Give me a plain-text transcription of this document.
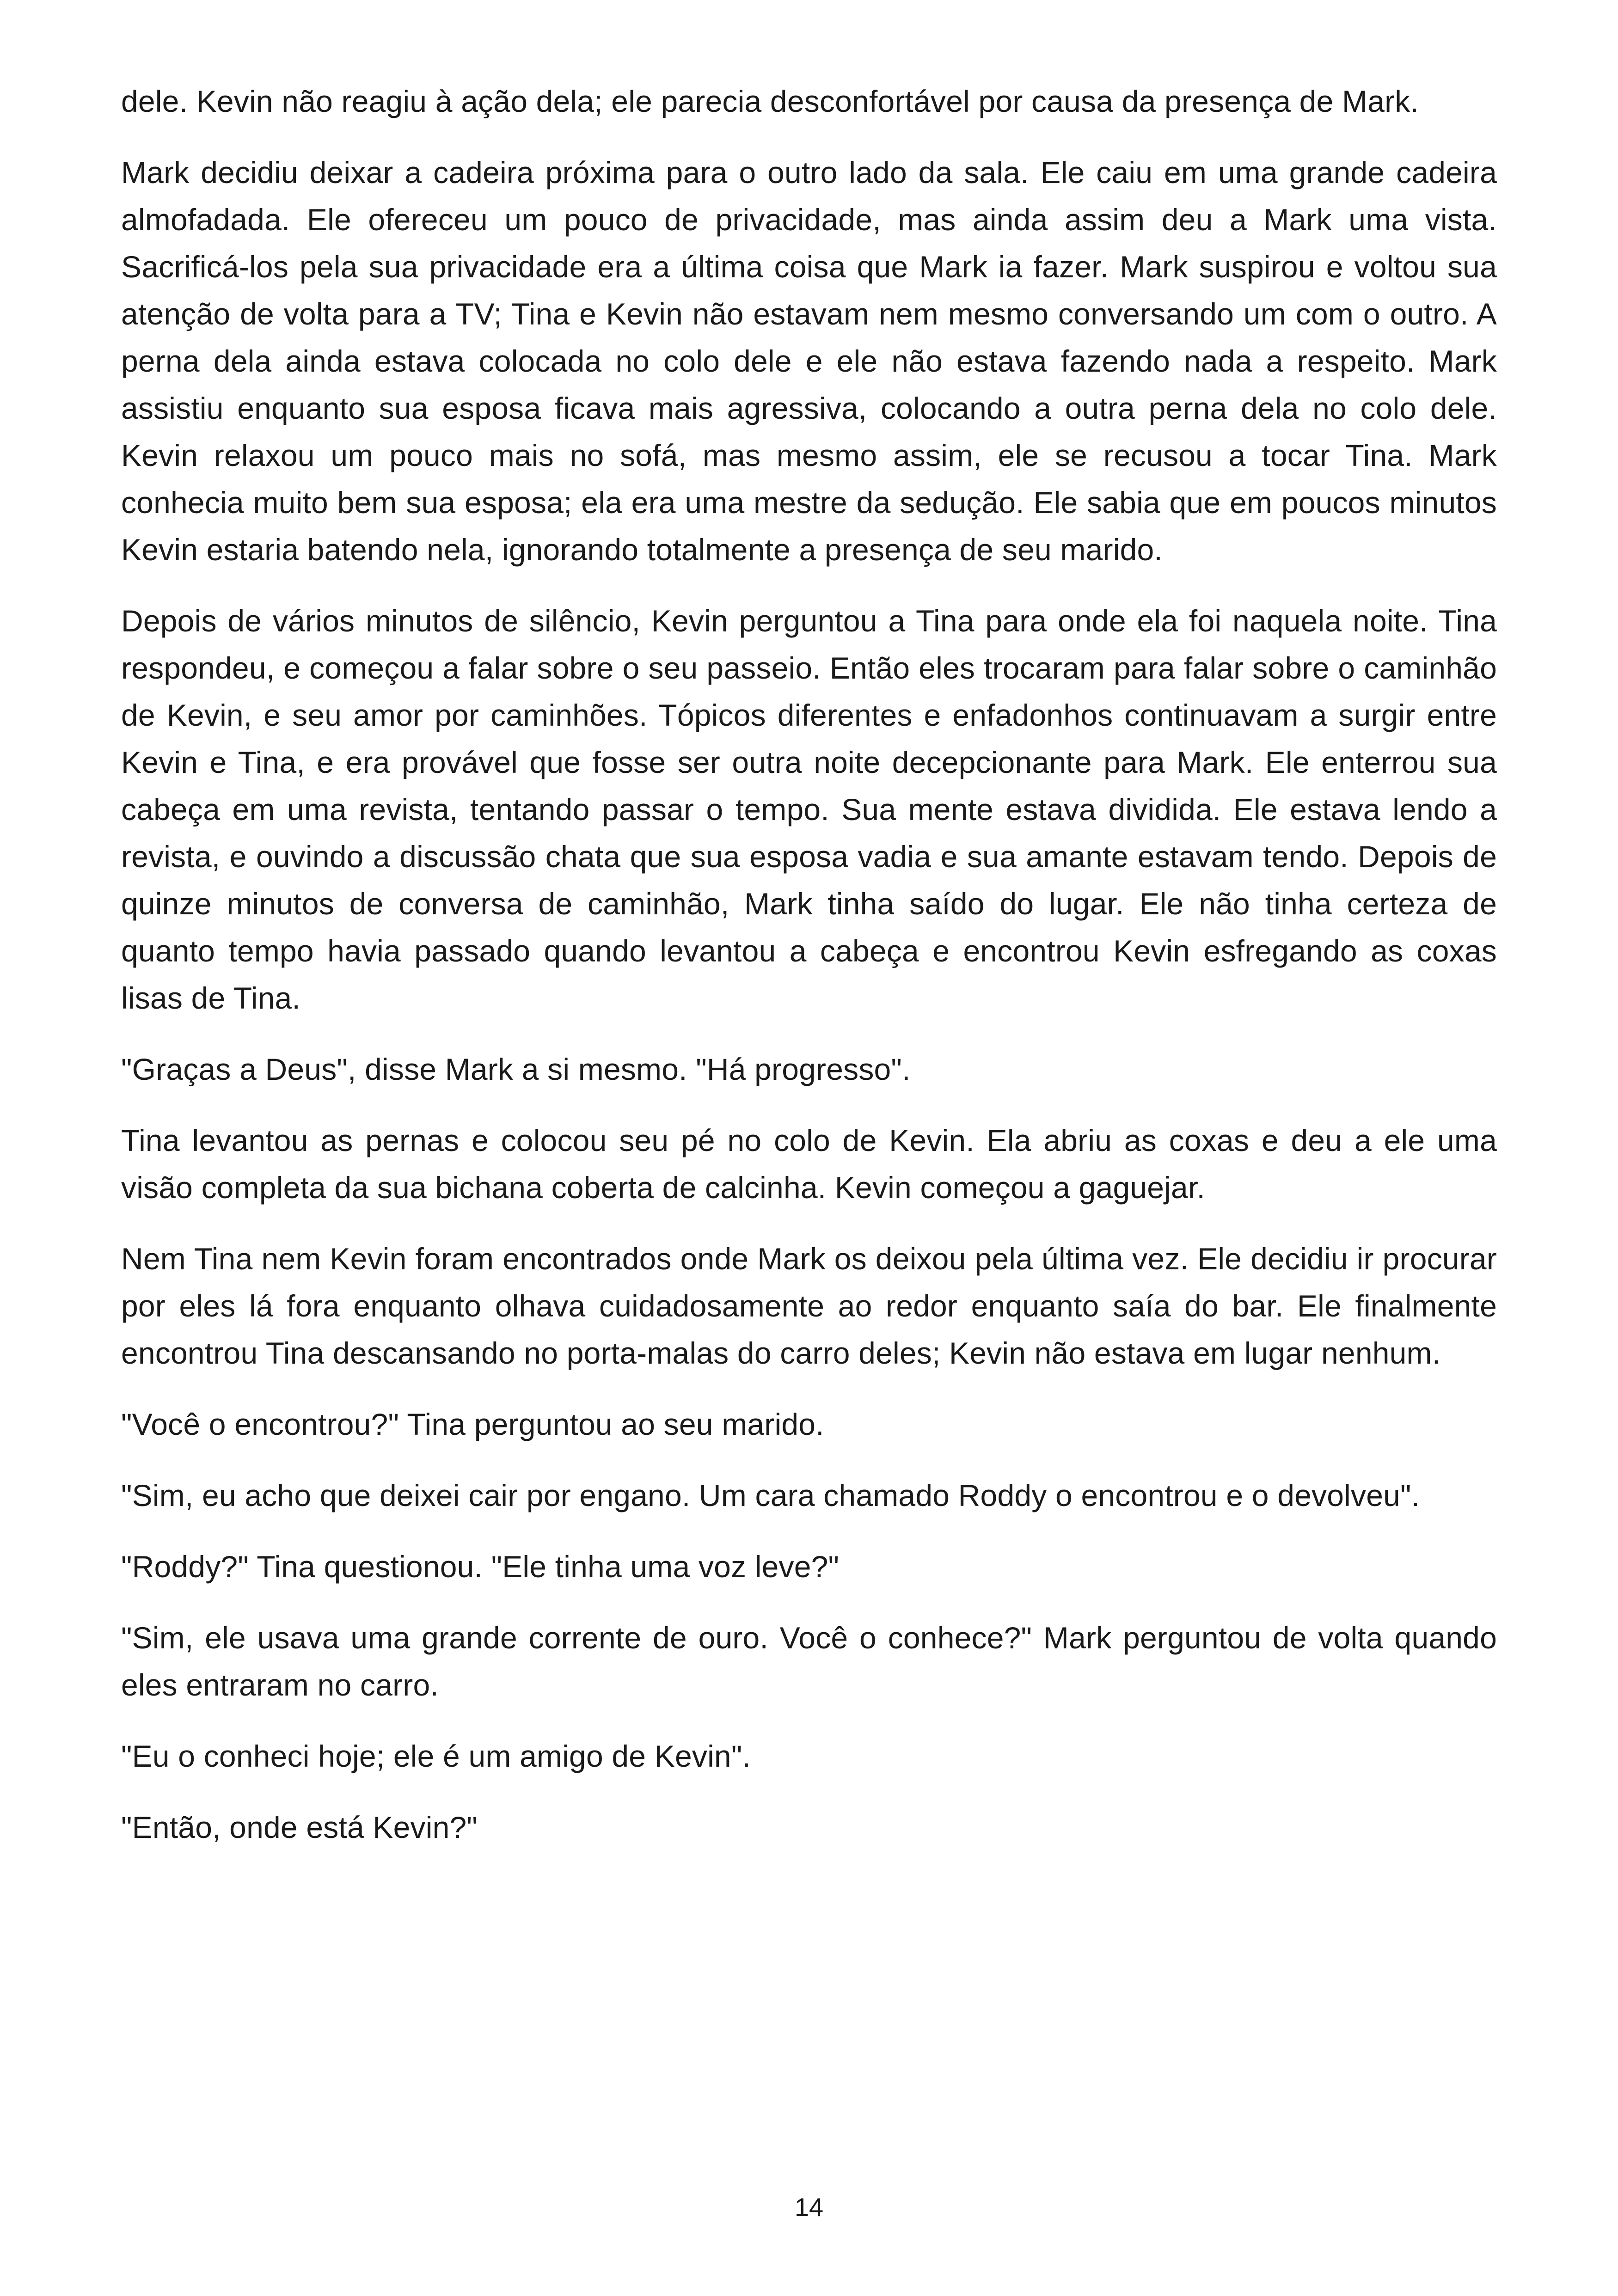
dele. Kevin não reagiu à ação dela; ele parecia desconfortável por causa da presença de Mark.

Mark decidiu deixar a cadeira próxima para o outro lado da sala. Ele caiu em uma grande cadeira almofadada. Ele ofereceu um pouco de privacidade, mas ainda assim deu a Mark uma vista. Sacrificá-los pela sua privacidade era a última coisa que Mark ia fazer. Mark suspirou e voltou sua atenção de volta para a TV; Tina e Kevin não estavam nem mesmo conversando um com o outro. A perna dela ainda estava colocada no colo dele e ele não estava fazendo nada a respeito. Mark assistiu enquanto sua esposa ficava mais agressiva, colocando a outra perna dela no colo dele. Kevin relaxou um pouco mais no sofá, mas mesmo assim, ele se recusou a tocar Tina. Mark conhecia muito bem sua esposa; ela era uma mestre da sedução. Ele sabia que em poucos minutos Kevin estaria batendo nela, ignorando totalmente a presença de seu marido.

Depois de vários minutos de silêncio, Kevin perguntou a Tina para onde ela foi naquela noite. Tina respondeu, e começou a falar sobre o seu passeio. Então eles trocaram para falar sobre o caminhão de Kevin, e seu amor por caminhões. Tópicos diferentes e enfadonhos continuavam a surgir entre Kevin e Tina, e era provável que fosse ser outra noite decepcionante para Mark. Ele enterrou sua cabeça em uma revista, tentando passar o tempo. Sua mente estava dividida. Ele estava lendo a revista, e ouvindo a discussão chata que sua esposa vadia e sua amante estavam tendo. Depois de quinze minutos de conversa de caminhão, Mark tinha saído do lugar. Ele não tinha certeza de quanto tempo havia passado quando levantou a cabeça e encontrou Kevin esfregando as coxas lisas de Tina.

"Graças a Deus", disse Mark a si mesmo. "Há progresso".

Tina levantou as pernas e colocou seu pé no colo de Kevin. Ela abriu as coxas e deu a ele uma visão completa da sua bichana coberta de calcinha. Kevin começou a gaguejar.

Nem Tina nem Kevin foram encontrados onde Mark os deixou pela última vez. Ele decidiu ir procurar por eles lá fora enquanto olhava cuidadosamente ao redor enquanto saía do bar. Ele finalmente encontrou Tina descansando no porta-malas do carro deles; Kevin não estava em lugar nenhum.

"Você o encontrou?" Tina perguntou ao seu marido.

"Sim, eu acho que deixei cair por engano. Um cara chamado Roddy o encontrou e o devolveu".

"Roddy?" Tina questionou. "Ele tinha uma voz leve?"

"Sim, ele usava uma grande corrente de ouro. Você o conhece?" Mark perguntou de volta quando eles entraram no carro.

"Eu o conheci hoje; ele é um amigo de Kevin".

"Então, onde está Kevin?"

14
